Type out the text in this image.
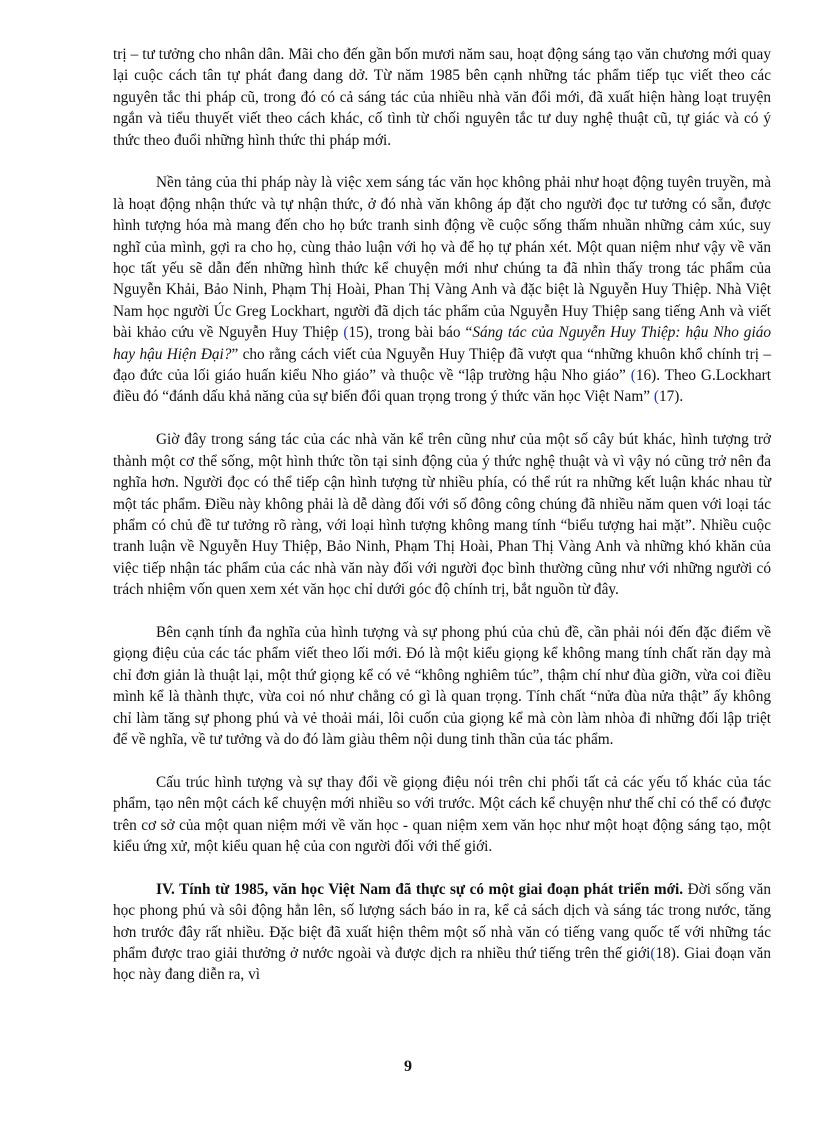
trị – tư tưởng cho nhân dân. Mãi cho đến gần bốn mươi năm sau, hoạt động sáng tạo văn chương mới quay lại cuộc cách tân tự phát đang dang dở. Từ năm 1985 bên cạnh những tác phẩm tiếp tục viết theo các nguyên tắc thi pháp cũ, trong đó có cả sáng tác của nhiều nhà văn đổi mới, đã xuất hiện hàng loạt truyện ngắn và tiểu thuyết viết theo cách khác, cố tình từ chối nguyên tắc tư duy nghệ thuật cũ, tự giác và có ý thức theo đuổi những hình thức thi pháp mới.

Nền tảng của thi pháp này là việc xem sáng tác văn học không phải như hoạt động tuyên truyền, mà là hoạt động nhận thức và tự nhận thức, ở đó nhà văn không áp đặt cho người đọc tư tưởng có sẵn, được hình tượng hóa mà mang đến cho họ bức tranh sinh động về cuộc sống thấm nhuần những cảm xúc, suy nghĩ của mình, gợi ra cho họ, cùng thảo luận với họ và để họ tự phán xét. Một quan niệm như vậy về văn học tất yếu sẽ dẫn đến những hình thức kể chuyện mới như chúng ta đã nhìn thấy trong tác phẩm của Nguyễn Khải, Bảo Ninh, Phạm Thị Hoài, Phan Thị Vàng Anh và đặc biệt là Nguyễn Huy Thiệp. Nhà Việt Nam học người Úc Greg Lockhart, người đã dịch tác phẩm của Nguyễn Huy Thiệp sang tiếng Anh và viết bài khảo cứu về Nguyễn Huy Thiệp (15), trong bài báo “Sáng tác của Nguyễn Huy Thiệp: hậu Nho giáo hay hậu Hiện Đại?” cho rằng cách viết của Nguyễn Huy Thiệp đã vượt qua “những khuôn khổ chính trị – đạo đức của lối giáo huấn kiểu Nho giáo” và thuộc về “lập trường hậu Nho giáo” (16). Theo G.Lockhart điều đó “đánh dấu khả năng của sự biến đổi quan trọng trong ý thức văn học Việt Nam” (17).

Giờ đây trong sáng tác của các nhà văn kể trên cũng như của một số cây bút khác, hình tượng trở thành một cơ thể sống, một hình thức tồn tại sinh động của ý thức nghệ thuật và vì vậy nó cũng trở nên đa nghĩa hơn. Người đọc có thể tiếp cận hình tượng từ nhiều phía, có thể rút ra những kết luận khác nhau từ một tác phẩm. Điều này không phải là dễ dàng đối với số đông công chúng đã nhiều năm quen với loại tác phẩm có chủ đề tư tưởng rõ ràng, với loại hình tượng không mang tính “biểu tượng hai mặt”. Nhiều cuộc tranh luận về Nguyễn Huy Thiệp, Bảo Ninh, Phạm Thị Hoài, Phan Thị Vàng Anh và những khó khăn của việc tiếp nhận tác phẩm của các nhà văn này đối với người đọc bình thường cũng như với những người có trách nhiệm vốn quen xem xét văn học chỉ dưới góc độ chính trị, bắt nguồn từ đây.

Bên cạnh tính đa nghĩa của hình tượng và sự phong phú của chủ đề, cần phải nói đến đặc điểm về giọng điệu của các tác phẩm viết theo lối mới. Đó là một kiểu giọng kể không mang tính chất răn dạy mà chỉ đơn giản là thuật lại, một thứ giọng kể có vẻ “không nghiêm túc”, thậm chí như đùa giỡn, vừa coi điều mình kể là thành thực, vừa coi nó như chẳng có gì là quan trọng. Tính chất “nửa đùa nửa thật” ấy không chỉ làm tăng sự phong phú và vẻ thoải mái, lôi cuốn của giọng kể mà còn làm nhòa đi những đối lập triệt để về nghĩa, về tư tưởng và do đó làm giàu thêm nội dung tinh thần của tác phẩm.

Cấu trúc hình tượng và sự thay đổi về giọng điệu nói trên chi phối tất cả các yếu tố khác của tác phẩm, tạo nên một cách kể chuyện mới nhiều so với trước. Một cách kể chuyện như thế chỉ có thể có được trên cơ sở của một quan niệm mới về văn học - quan niệm xem văn học như một hoạt động sáng tạo, một kiểu ứng xử, một kiểu quan hệ của con người đối với thế giới.

IV. Tính từ 1985, văn học Việt Nam đã thực sự có một giai đoạn phát triển mới. Đời sống văn học phong phú và sôi động hẳn lên, số lượng sách báo in ra, kể cả sách dịch và sáng tác trong nước, tăng hơn trước đây rất nhiều. Đặc biệt đã xuất hiện thêm một số nhà văn có tiếng vang quốc tế với những tác phẩm được trao giải thưởng ở nước ngoài và được dịch ra nhiều thứ tiếng trên thế giới(18). Giai đoạn văn học này đang diễn ra, vì

9
